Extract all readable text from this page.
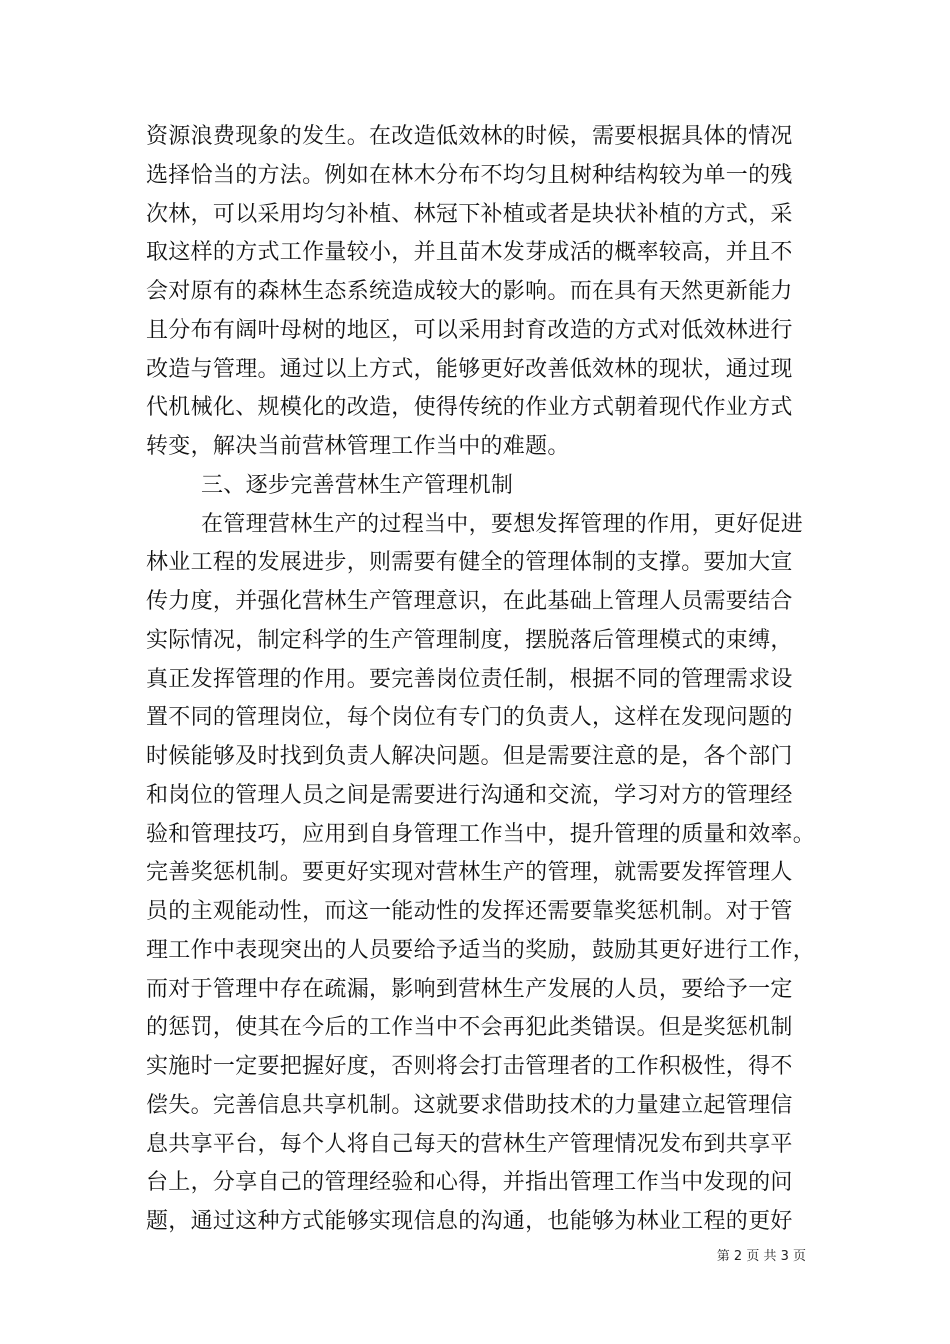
资源浪费现象的发生。在改造低效林的时候，需要根据具体的情况
选择恰当的方法。例如在林木分布不均匀且树种结构较为单一的残
次林，可以采用均匀补植、林冠下补植或者是块状补植的方式，采
取这样的方式工作量较小，并且苗木发芽成活的概率较高，并且不
会对原有的森林生态系统造成较大的影响。而在具有天然更新能力
且分布有阔叶母树的地区，可以采用封育改造的方式对低效林进行
改造与管理。通过以上方式，能够更好改善低效林的现状，通过现
代机械化、规模化的改造，使得传统的作业方式朝着现代作业方式
转变，解决当前营林管理工作当中的难题。
三、逐步完善营林生产管理机制
在管理营林生产的过程当中，要想发挥管理的作用，更好促进
林业工程的发展进步，则需要有健全的管理体制的支撑。要加大宣
传力度，并强化营林生产管理意识，在此基础上管理人员需要结合
实际情况，制定科学的生产管理制度，摆脱落后管理模式的束缚，
真正发挥管理的作用。要完善岗位责任制，根据不同的管理需求设
置不同的管理岗位，每个岗位有专门的负责人，这样在发现问题的
时候能够及时找到负责人解决问题。但是需要注意的是，各个部门
和岗位的管理人员之间是需要进行沟通和交流，学习对方的管理经
验和管理技巧，应用到自身管理工作当中，提升管理的质量和效率。
完善奖惩机制。要更好实现对营林生产的管理，就需要发挥管理人
员的主观能动性，而这一能动性的发挥还需要靠奖惩机制。对于管
理工作中表现突出的人员要给予适当的奖励，鼓励其更好进行工作，
而对于管理中存在疏漏，影响到营林生产发展的人员，要给予一定
的惩罚，使其在今后的工作当中不会再犯此类错误。但是奖惩机制
实施时一定要把握好度，否则将会打击管理者的工作积极性，得不
偿失。完善信息共享机制。这就要求借助技术的力量建立起管理信
息共享平台，每个人将自己每天的营林生产管理情况发布到共享平
台上，分享自己的管理经验和心得，并指出管理工作当中发现的问
题，通过这种方式能够实现信息的沟通，也能够为林业工程的更好
第 2 页 共 3 页
